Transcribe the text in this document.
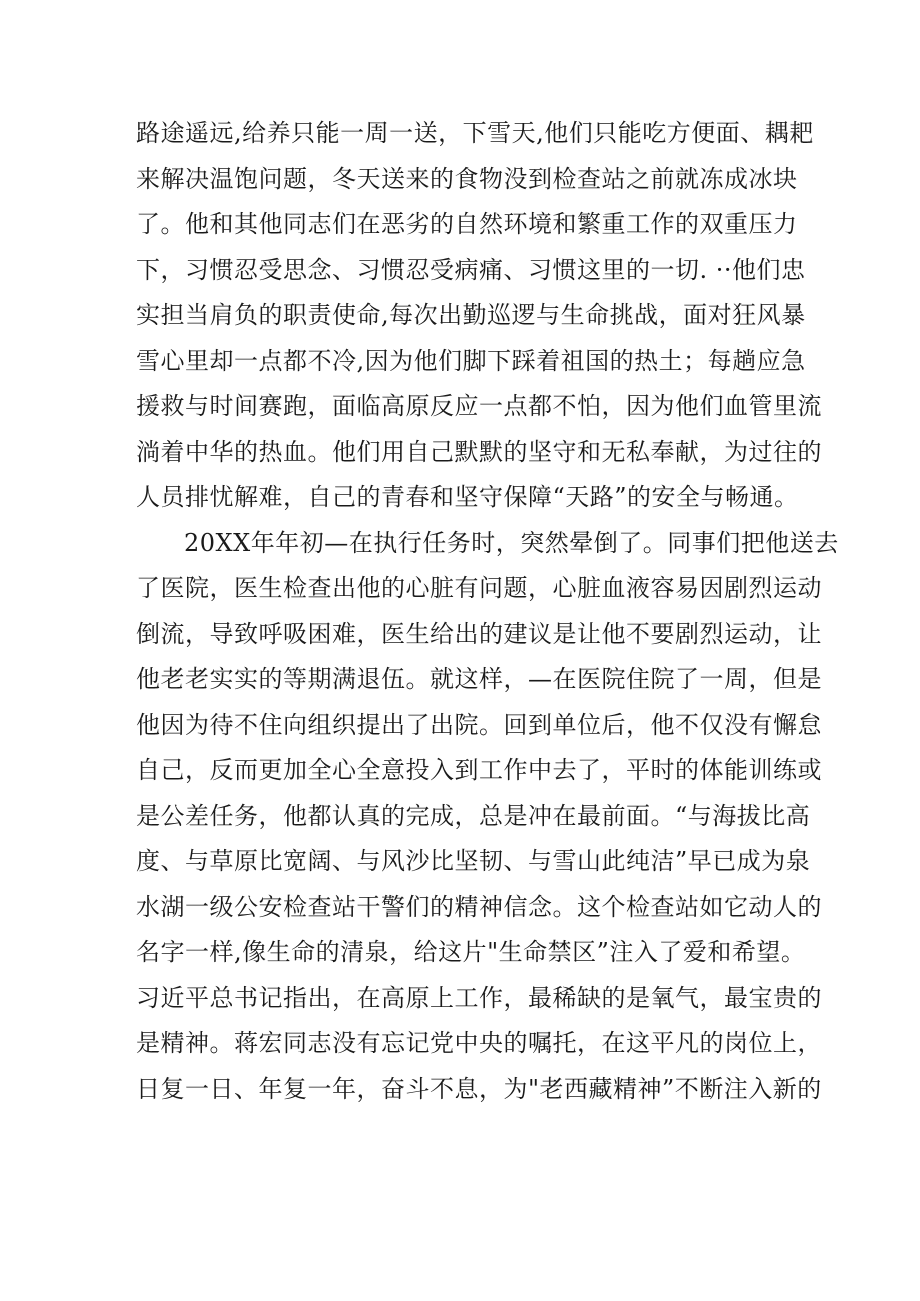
路途遥远,给养只能一周一送，下雪天,他们只能吃方便面、耦耙
来解决温饱问题，冬天送来的食物没到检查站之前就冻成冰块
了。他和其他同志们在恶劣的自然环境和繁重工作的双重压力
下，习惯忍受思念、习惯忍受病痛、习惯这里的一切. ··他们忠
实担当肩负的职责使命,每次出勤巡逻与生命挑战，面对狂风暴
雪心里却一点都不冷,因为他们脚下踩着祖国的热土；每趟应急
援救与时间赛跑，面临高原反应一点都不怕，因为他们血管里流
淌着中华的热血。他们用自己默默的坚守和无私奉献，为过往的
人员排忧解难，自己的青春和坚守保障“天路”的安全与畅通。
20XX年年初—在执行任务时，突然晕倒了。同事们把他送去
了医院，医生检查出他的心脏有问题，心脏血液容易因剧烈运动
倒流，导致呼吸困难，医生给出的建议是让他不要剧烈运动，让
他老老实实的等期满退伍。就这样，—在医院住院了一周，但是
他因为待不住向组织提出了出院。回到单位后，他不仅没有懈怠
自己，反而更加全心全意投入到工作中去了，平时的体能训练或
是公差任务，他都认真的完成，总是冲在最前面。“与海拔比高
度、与草原比宽阔、与风沙比坚韧、与雪山此纯洁”早已成为泉
水湖一级公安检查站干警们的精神信念。这个检查站如它动人的
名字一样,像生命的清泉，给这片"生命禁区”注入了爱和希望。
习近平总书记指出，在高原上工作，最稀缺的是氧气，最宝贵的
是精神。蒋宏同志没有忘记党中央的嘱托，在这平凡的岗位上，
日复一日、年复一年，奋斗不息，为"老西藏精神”不断注入新的
